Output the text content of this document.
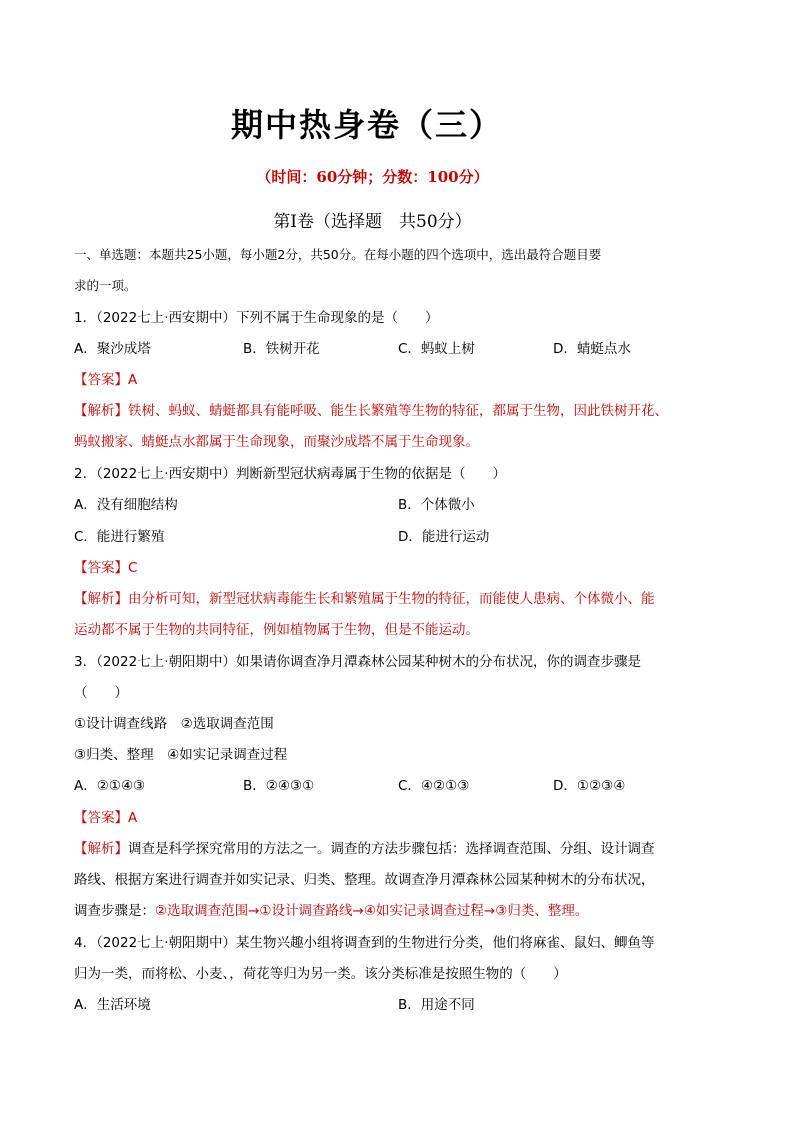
期中热身卷（三）
（时间：60分钟；分数：100分）
第Ⅰ卷（选择题　共50分）
一、单选题：本题共25小题，每小题2分，共50分。在每小题的四个选项中，选出最符合题目要
求的一项。
1．（2022七上·西安期中）下列不属于生命现象的是（　　）
A．聚沙成塔	B．铁树开花	C．蚂蚁上树	D．蜻蜓点水
【答案】A
【解析】铁树、蚂蚁、蜻蜓都具有能呼吸、能生长繁殖等生物的特征，都属于生物，因此铁树开花、
蚂蚁搬家、蜻蜓点水都属于生命现象，而聚沙成塔不属于生命现象。
2．（2022七上·西安期中）判断新型冠状病毒属于生物的依据是（　　）
A．没有细胞结构	B．个体微小
C．能进行繁殖	D．能进行运动
【答案】C
【解析】由分析可知，新型冠状病毒能生长和繁殖属于生物的特征，而能使人患病、个体微小、能
运动都不属于生物的共同特征，例如植物属于生物，但是不能运动。
3．（2022七上·朝阳期中）如果请你调查净月潭森林公园某种树木的分布状况，你的调查步骤是
（　　）
①设计调查线路　②选取调查范围
③归类、整理　④如实记录调查过程
A．②①④③	B．②④③①	C．④②①③	D．①②③④
【答案】A
【解析】调查是科学探究常用的方法之一。调查的方法步骤包括：选择调查范围、分组、设计调查
路线、根据方案进行调查并如实记录、归类、整理。故调查净月潭森林公园某种树木的分布状况，
调查步骤是：②选取调查范围→①设计调查路线→④如实记录调查过程→③归类、整理。
4．（2022七上·朝阳期中）某生物兴趣小组将调查到的生物进行分类，他们将麻雀、鼠妇、鲫鱼等
归为一类，而将松、小麦、，荷花等归为另一类。该分类标准是按照生物的（　　）
A．生活环境	B．用途不同
